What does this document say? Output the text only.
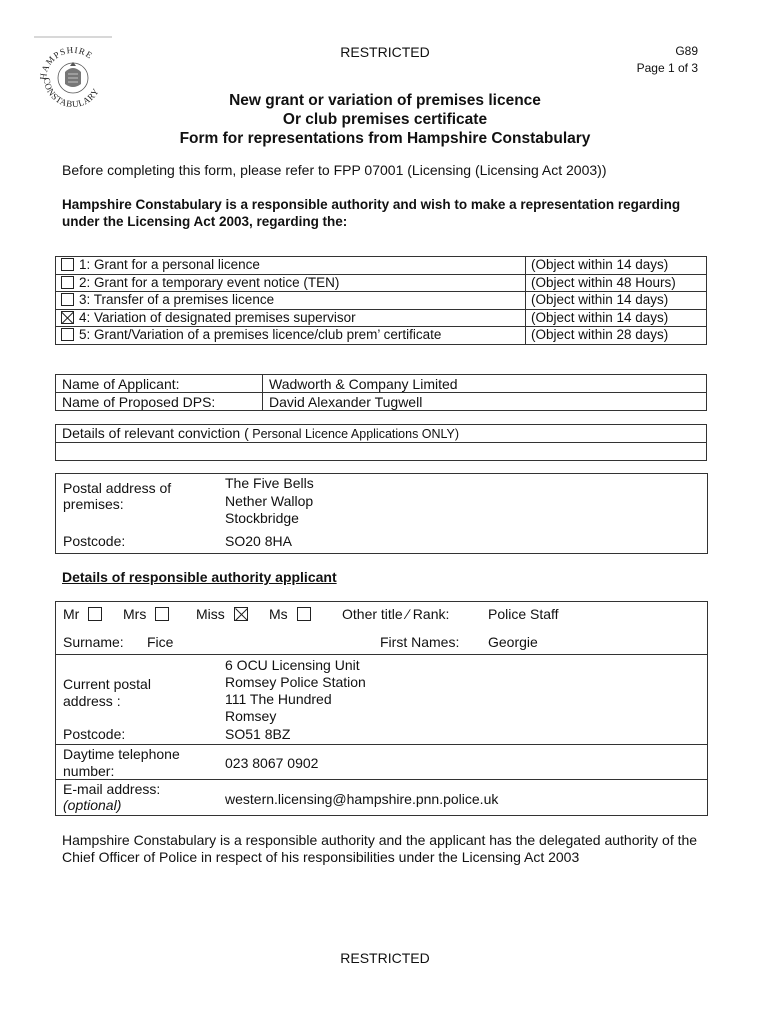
HAMPSHIRE
CONSTABULARY
RESTRICTED	G89
Page 1 of 3
New grant or variation of premises licence
Or club premises certificate
Form for representations from Hampshire Constabulary
Before completing this form, please refer to FPP 07001 (Licensing (Licensing Act 2003))
Hampshire Constabulary is a responsible authority and wish to make a representation regarding under the Licensing Act 2003, regarding the:
1: Grant for a personal licence	(Object within 14 days)
2: Grant for a temporary event notice (TEN)	(Object within 48 Hours)
3: Transfer of a premises licence	(Object within 14 days)
4: Variation of designated premises supervisor	(Object within 14 days)
5: Grant/Variation of a premises licence/club prem’ certificate	(Object within 28 days)
Name of Applicant:	Wadworth & Company Limited
Name of Proposed DPS:	David Alexander Tugwell
Details of relevant conviction ( Personal Licence Applications ONLY)

Postal address of
premises:
The Five Bells
Nether Wallop
Stockbridge
Postcode:	SO20 8HA
Details of responsible authority applicant
Mr	Mrs	Miss	Ms	Other title ∕ Rank:	Police Staff
Surname: Fice	First Names: Georgie
Current postal
address :
6 OCU Licensing Unit
Romsey Police Station
111 The Hundred
Romsey
Postcode:	SO51 8BZ
Daytime telephone
number:	023 8067 0902
E-mail address:
(optional)	western.licensing@hampshire.pnn.police.uk
Hampshire Constabulary is a responsible authority and the applicant has the delegated authority of the Chief Officer of Police in respect of his responsibilities under the Licensing Act 2003
RESTRICTED
